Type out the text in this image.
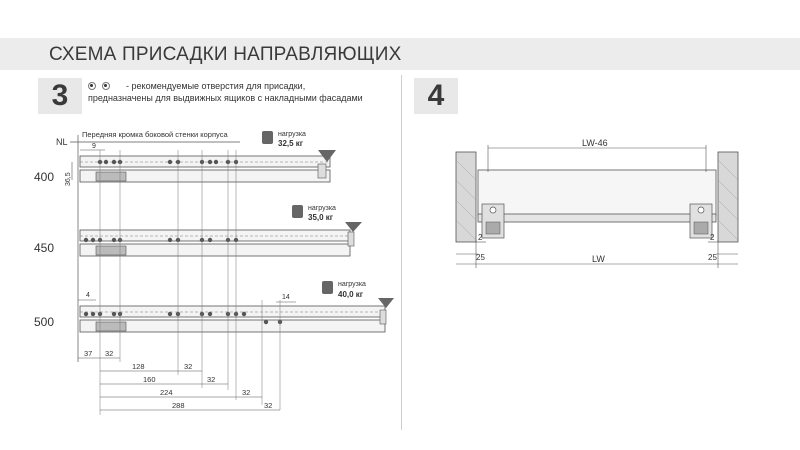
СХЕМА ПРИСАДКИ НАПРАВЛЯЮЩИХ
3	4
- рекомендуемые отверстия для присадки,
предназначены для выдвижных ящиков с накладными фасадами
NL
Передняя кромка боковой стенки корпуса
9
36,5
400
нагрузка
32,5 кг
450
нагрузка
35,0 кг
4	14
500
нагрузка
40,0 кг
37 32
128	32
160	32
224	32
288	32
LW-46
LW
2
25
2
25
